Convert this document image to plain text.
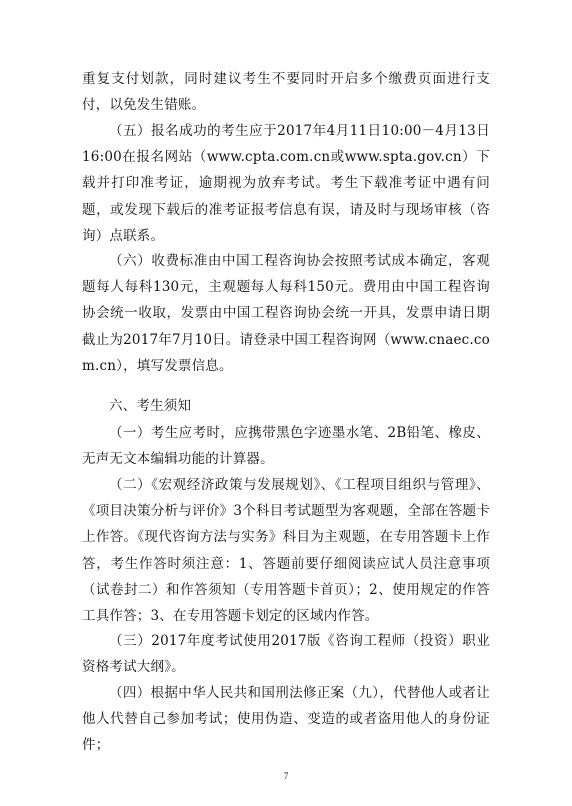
重复支付划款，同时建议考生不要同时开启多个缴费页面进行支付，以免发生错账。

（五）报名成功的考生应于2017年4月11日10:00－4月13日16:00在报名网站（www.cpta.com.cn或www.spta.gov.cn）下载并打印准考证，逾期视为放弃考试。考生下载准考证中遇有问题，或发现下载后的准考证报考信息有误，请及时与现场审核（咨询）点联系。

（六）收费标准由中国工程咨询协会按照考试成本确定，客观题每人每科130元，主观题每人每科150元。费用由中国工程咨询协会统一收取，发票由中国工程咨询协会统一开具，发票申请日期截止为2017年7月10日。请登录中国工程咨询网（www.cnaec.com.cn），填写发票信息。

六、考生须知

（一）考生应考时，应携带黑色字迹墨水笔、2B铅笔、橡皮、无声无文本编辑功能的计算器。

（二）《宏观经济政策与发展规划》、《工程项目组织与管理》、《项目决策分析与评价》3个科目考试题型为客观题，全部在答题卡上作答。《现代咨询方法与实务》科目为主观题，在专用答题卡上作答，考生作答时须注意：1、答题前要仔细阅读应试人员注意事项（试卷封二）和作答须知（专用答题卡首页）；2、使用规定的作答工具作答；3、在专用答题卡划定的区域内作答。

（三）2017年度考试使用2017版《咨询工程师（投资）职业资格考试大纲》。

（四）根据中华人民共和国刑法修正案（九），代替他人或者让他人代替自己参加考试；使用伪造、变造的或者盗用他人的身份证件；

7
